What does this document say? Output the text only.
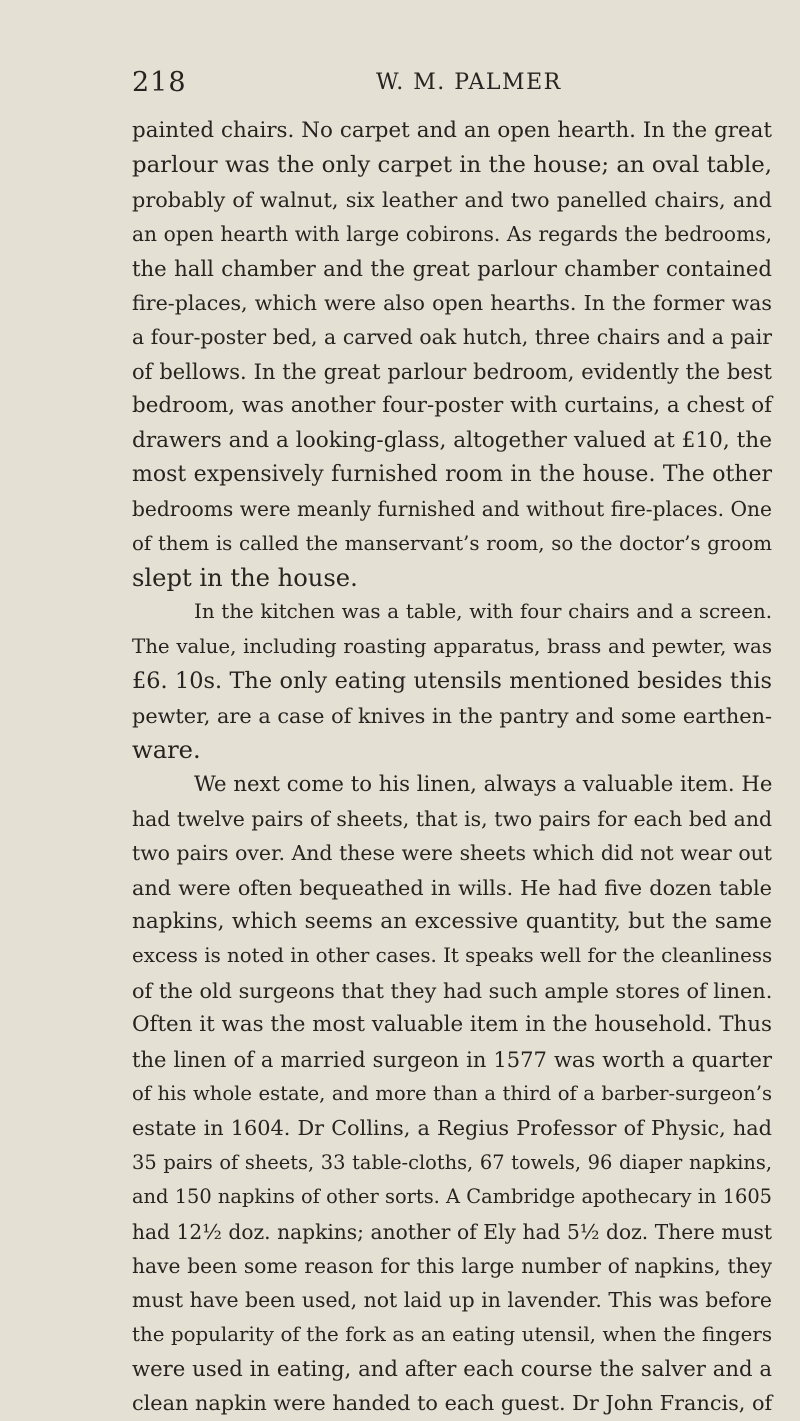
218	W. M. PALMER
painted chairs. No carpet and an open hearth. In the great
parlour was the only carpet in the house; an oval table,
probably of walnut, six leather and two panelled chairs, and
an open hearth with large cobirons. As regards the bedrooms,
the hall chamber and the great parlour chamber contained
fire-places, which were also open hearths. In the former was
a four-poster bed, a carved oak hutch, three chairs and a pair
of bellows. In the great parlour bedroom, evidently the best
bedroom, was another four-poster with curtains, a chest of
drawers and a looking-glass, altogether valued at £10, the
most expensively furnished room in the house. The other
bedrooms were meanly furnished and without fire-places. One
of them is called the manservant’s room, so the doctor’s groom
slept in the house.
In the kitchen was a table, with four chairs and a screen.
The value, including roasting apparatus, brass and pewter, was
£6. 10s. The only eating utensils mentioned besides this
pewter, are a case of knives in the pantry and some earthen-
ware.
We next come to his linen, always a valuable item. He
had twelve pairs of sheets, that is, two pairs for each bed and
two pairs over. And these were sheets which did not wear out
and were often bequeathed in wills. He had five dozen table
napkins, which seems an excessive quantity, but the same
excess is noted in other cases. It speaks well for the cleanliness
of the old surgeons that they had such ample stores of linen.
Often it was the most valuable item in the household. Thus
the linen of a married surgeon in 1577 was worth a quarter
of his whole estate, and more than a third of a barber-surgeon’s
estate in 1604. Dr Collins, a Regius Professor of Physic, had
35 pairs of sheets, 33 table-cloths, 67 towels, 96 diaper napkins,
and 150 napkins of other sorts. A Cambridge apothecary in 1605
had 12½ doz. napkins; another of Ely had 5½ doz. There must
have been some reason for this large number of napkins, they
must have been used, not laid up in lavender. This was before
the popularity of the fork as an eating utensil, when the fingers
were used in eating, and after each course the salver and a
clean napkin were handed to each guest. Dr John Francis, of
